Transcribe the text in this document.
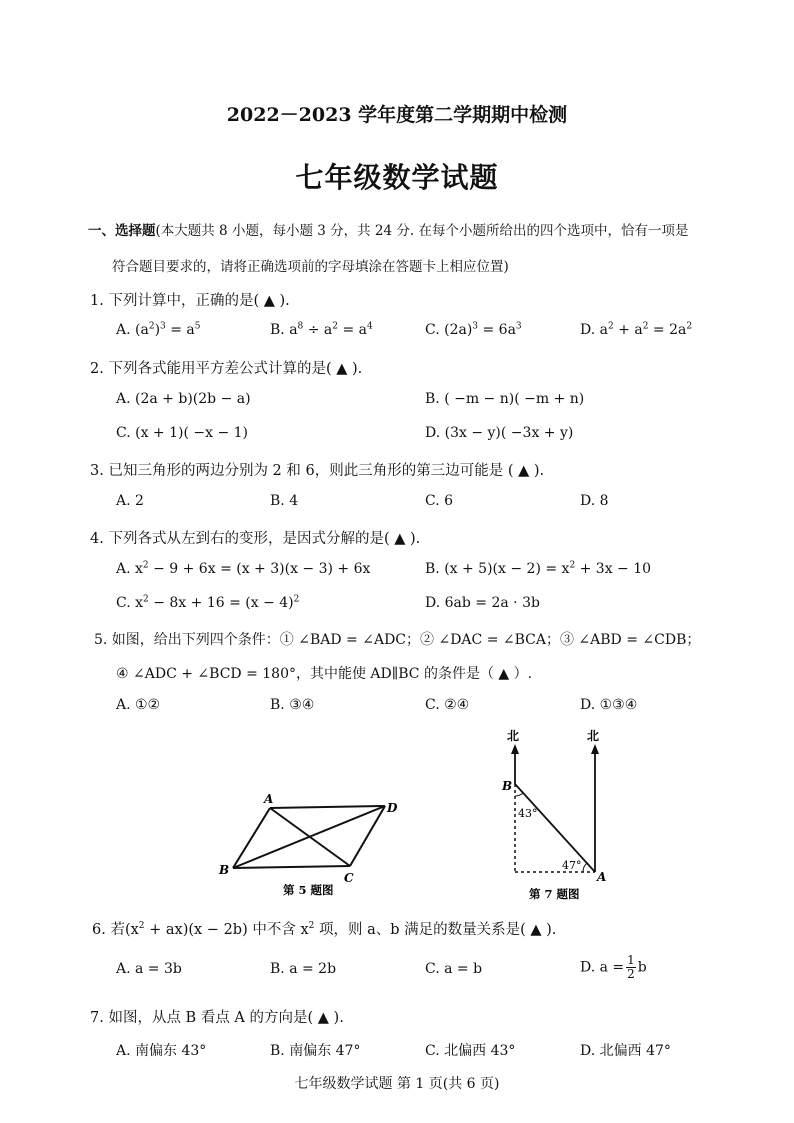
2022－2023 学年度第二学期期中检测
七年级数学试题
一、选择题(本大题共 8 小题，每小题 3 分，共 24 分. 在每个小题所给出的四个选项中，恰有一项是
符合题目要求的，请将正确选项前的字母填涂在答题卡上相应位置)
1. 下列计算中，正确的是( ▲ ).
A. $(a^2)^3 = a^5$	B. $a^8 \div a^2 = a^4$	C. $(2a)^3 = 6a^3$	D. $a^2 + a^2 = 2a^2$
2. 下列各式能用平方差公式计算的是( ▲ ).
A. (2a + b)(2b − a)	B. ( −m − n)( −m + n)
C. (x + 1)( −x − 1)	D. (3x − y)( −3x + y)
3. 已知三角形的两边分别为 2 和 6，则此三角形的第三边可能是 ( ▲ ).
A. 2	B. 4	C. 6	D. 8
4. 下列各式从左到右的变形，是因式分解的是( ▲ ).
A. $x^2 - 9 + 6x = (x + 3)(x - 3) + 6x$	B. $(x + 5)(x - 2) = x^2 + 3x - 10$
C. $x^2 - 8x + 16 = (x - 4)^2$	D. 6ab = 2a · 3b
5. 如图，给出下列四个条件：① ∠BAD = ∠ADC；② ∠DAC = ∠BCA；③ ∠ABD = ∠CDB；
④ ∠ADC + ∠BCD = 180°，其中能使 AD∥BC 的条件是（ ▲ ）.
A. ①②	B. ③④	C. ②④	D. ①③④
A
D
B
C
第 5 题图
北	北
B
A
43°
47°
第 7 题图
6. 若$(x^2 + ax)(x - 2b)$ 中不含 $x^2$ 项，则 a、b 满足的数量关系是( ▲ ).
A. a = 3b	B. a = 2b	C. a = b	D. $a = \frac{1}{2}$ b
7. 如图，从点 B 看点 A 的方向是( ▲ ).
A. 南偏东 43°	B. 南偏东 47°	C. 北偏西 43°	D. 北偏西 47°
七年级数学试题 第 1 页(共 6 页)
